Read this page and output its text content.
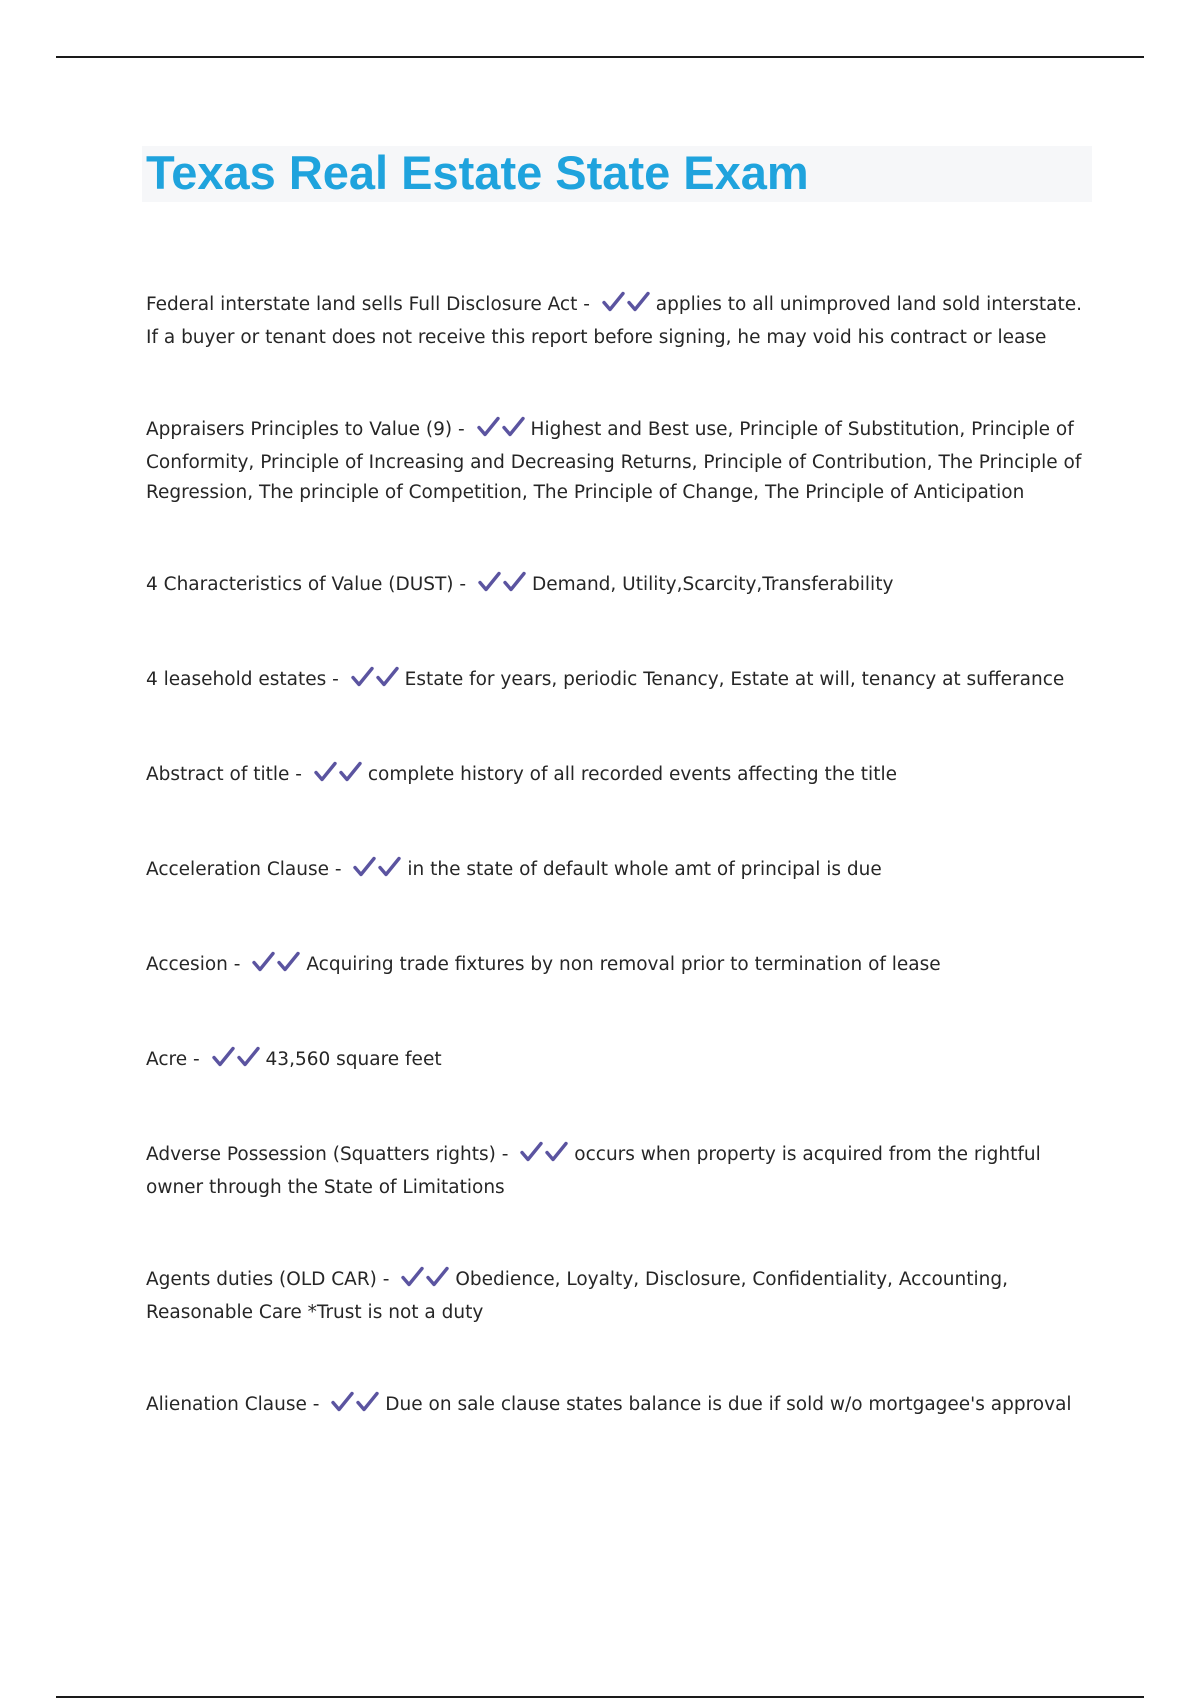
Texas Real Estate State Exam

Federal interstate land sells Full Disclosure Act -	applies to all unimproved land sold interstate. If a buyer or tenant does not receive this report before signing, he may void his contract or lease

Appraisers Principles to Value (9) -	Highest and Best use, Principle of Substitution, Principle of Conformity, Principle of Increasing and Decreasing Returns, Principle of Contribution, The Principle of Regression, The principle of Competition, The Principle of Change, The Principle of Anticipation

4 Characteristics of Value (DUST) -	Demand, Utility,Scarcity,Transferability

4 leasehold estates -	Estate for years, periodic Tenancy, Estate at will, tenancy at sufferance

Abstract of title -	complete history of all recorded events affecting the title

Acceleration Clause -	in the state of default whole amt of principal is due

Accesion -	Acquiring trade fixtures by non removal prior to termination of lease

Acre -	43,560 square feet

Adverse Possession (Squatters rights) -	occurs when property is acquired from the rightful owner through the State of Limitations

Agents duties (OLD CAR) -	Obedience, Loyalty, Disclosure, Confidentiality, Accounting, Reasonable Care *Trust is not a duty

Alienation Clause -	Due on sale clause states balance is due if sold w/o mortgagee's approval
